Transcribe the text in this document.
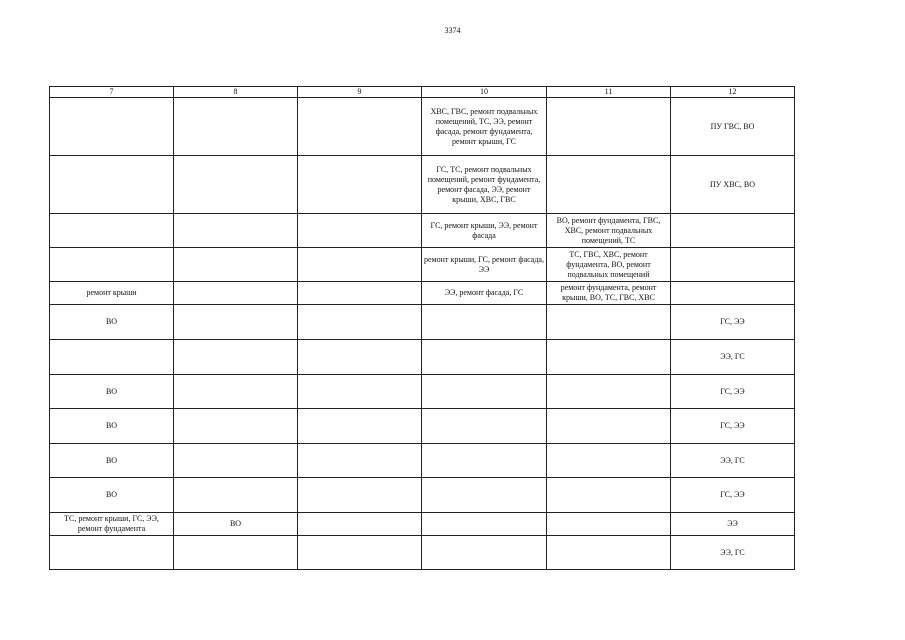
3374
7	8	9	10	11	12
			ХВС, ГВС, ремонт подвальных помещений, ТС, ЭЭ, ремонт фасада, ремонт фундамента, ремонт крыши, ГС		ПУ ГВС, ВО
			ГС, ТС, ремонт подвальных помещений, ремонт фундамента, ремонт фасада, ЭЭ, ремонт крыши, ХВС, ГВС		ПУ ХВС, ВО
			ГС, ремонт крыши, ЭЭ, ремонт фасада	ВО, ремонт фундамента, ГВС, ХВС, ремонт подвальных помещений, ТС	
			ремонт крыши, ГС, ремонт фасада, ЭЭ	ТС, ГВС, ХВС, ремонт фундамента, ВО, ремонт подвальных помещений	
ремонт крыши			ЭЭ, ремонт фасада, ГС	ремонт фундамента, ремонт крыши, ВО, ТС, ГВС, ХВС	
ВО					ГС, ЭЭ
					ЭЭ, ГС
ВО					ГС, ЭЭ
ВО					ГС, ЭЭ
ВО					ЭЭ, ГС
ВО					ГС, ЭЭ
ТС, ремонт крыши, ГС, ЭЭ, ремонт фундамента	ВО				ЭЭ
					ЭЭ, ГС
